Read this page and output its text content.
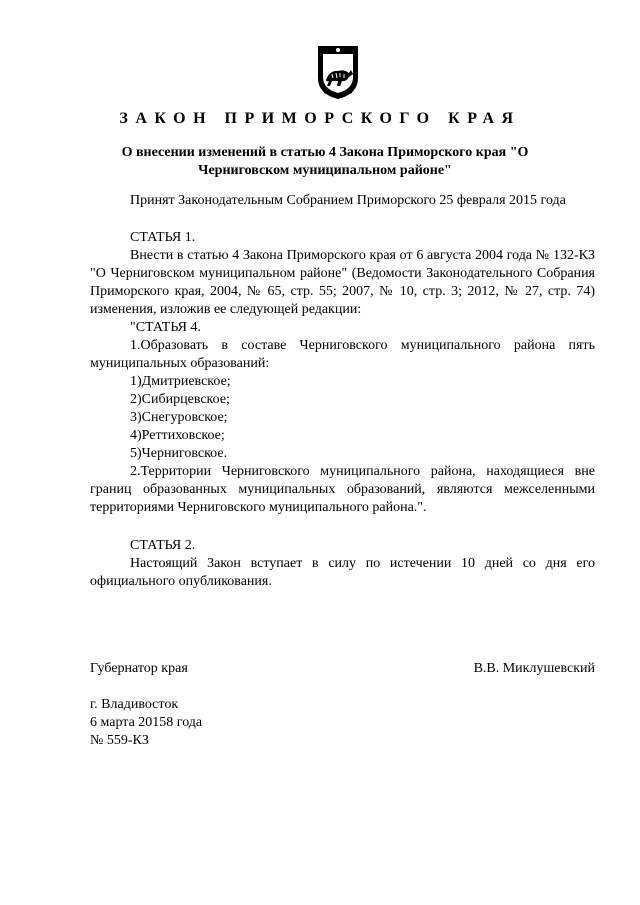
ЗАКОН ПРИМОРСКОГО КРАЯ
О внесении изменений в статью 4 Закона Приморского края "О Черниговском муниципальном районе"

Принят Законодательным Собранием Приморского 25 февраля 2015 года

СТАТЬЯ 1.

Внести в статью 4 Закона Приморского края от 6 августа 2004 года № 132-КЗ "О Черниговском муниципальном районе" (Ведомости Законодательного Собрания Приморского края, 2004, № 65, стр. 55; 2007, № 10, стр. 3; 2012, № 27, стр. 74) изменения, изложив ее следующей редакции:

"СТАТЬЯ 4.

1.Образовать в составе Черниговского муниципального района пять муниципальных образований:

1)Дмитриевское;

2)Сибирцевское;

3)Снегуровское;

4)Реттиховское;

5)Черниговское.

2.Территории Черниговского муниципального района, находящиеся вне границ образованных муниципальных образований, являются межселенными территориями Черниговского муниципального района.".

СТАТЬЯ 2.

Настоящий Закон вступает в силу по истечении 10 дней со дня его официального опубликования.

Губернатор края	В.В. Миклушевский
г. Владивосток
6 марта 20158 года
№ 559-КЗ
